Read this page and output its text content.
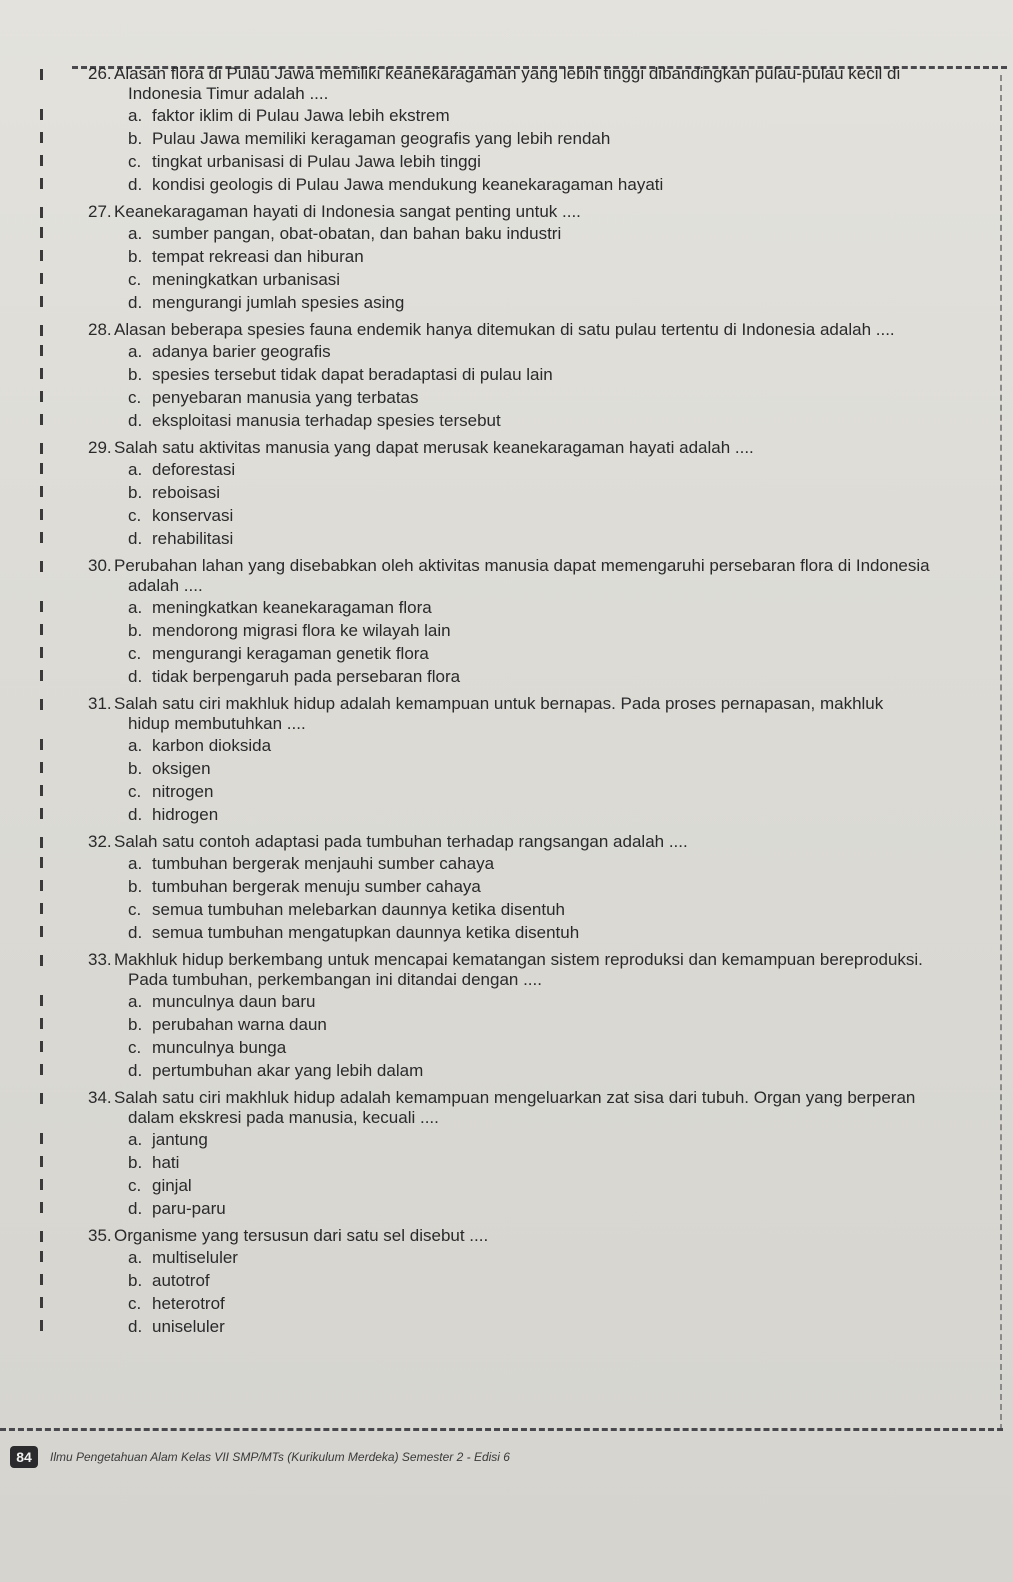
26. Alasan flora di Pulau Jawa memiliki keanekaragaman yang lebih tinggi dibandingkan pulau-pulau kecil di
Indonesia Timur adalah ....
a. faktor iklim di Pulau Jawa lebih ekstrem
b. Pulau Jawa memiliki keragaman geografis yang lebih rendah
c. tingkat urbanisasi di Pulau Jawa lebih tinggi
d. kondisi geologis di Pulau Jawa mendukung keanekaragaman hayati
27. Keanekaragaman hayati di Indonesia sangat penting untuk ....
a. sumber pangan, obat-obatan, dan bahan baku industri
b. tempat rekreasi dan hiburan
c. meningkatkan urbanisasi
d. mengurangi jumlah spesies asing
28. Alasan beberapa spesies fauna endemik hanya ditemukan di satu pulau tertentu di Indonesia adalah ....
a. adanya barier geografis
b. spesies tersebut tidak dapat beradaptasi di pulau lain
c. penyebaran manusia yang terbatas
d. eksploitasi manusia terhadap spesies tersebut
29. Salah satu aktivitas manusia yang dapat merusak keanekaragaman hayati adalah ....
a. deforestasi
b. reboisasi
c. konservasi
d. rehabilitasi
30. Perubahan lahan yang disebabkan oleh aktivitas manusia dapat memengaruhi persebaran flora di Indonesia
adalah ....
a. meningkatkan keanekaragaman flora
b. mendorong migrasi flora ke wilayah lain
c. mengurangi keragaman genetik flora
d. tidak berpengaruh pada persebaran flora
31. Salah satu ciri makhluk hidup adalah kemampuan untuk bernapas. Pada proses pernapasan, makhluk
hidup membutuhkan ....
a. karbon dioksida
b. oksigen
c. nitrogen
d. hidrogen
32. Salah satu contoh adaptasi pada tumbuhan terhadap rangsangan adalah ....
a. tumbuhan bergerak menjauhi sumber cahaya
b. tumbuhan bergerak menuju sumber cahaya
c. semua tumbuhan melebarkan daunnya ketika disentuh
d. semua tumbuhan mengatupkan daunnya ketika disentuh
33. Makhluk hidup berkembang untuk mencapai kematangan sistem reproduksi dan kemampuan bereproduksi.
Pada tumbuhan, perkembangan ini ditandai dengan ....
a. munculnya daun baru
b. perubahan warna daun
c. munculnya bunga
d. pertumbuhan akar yang lebih dalam
34. Salah satu ciri makhluk hidup adalah kemampuan mengeluarkan zat sisa dari tubuh. Organ yang berperan
dalam ekskresi pada manusia, kecuali ....
a. jantung
b. hati
c. ginjal
d. paru-paru
35. Organisme yang tersusun dari satu sel disebut ....
a. multiseluler
b. autotrof
c. heterotrof
d. uniseluler
84	Ilmu Pengetahuan Alam Kelas VII SMP/MTs (Kurikulum Merdeka) Semester 2 - Edisi 6
